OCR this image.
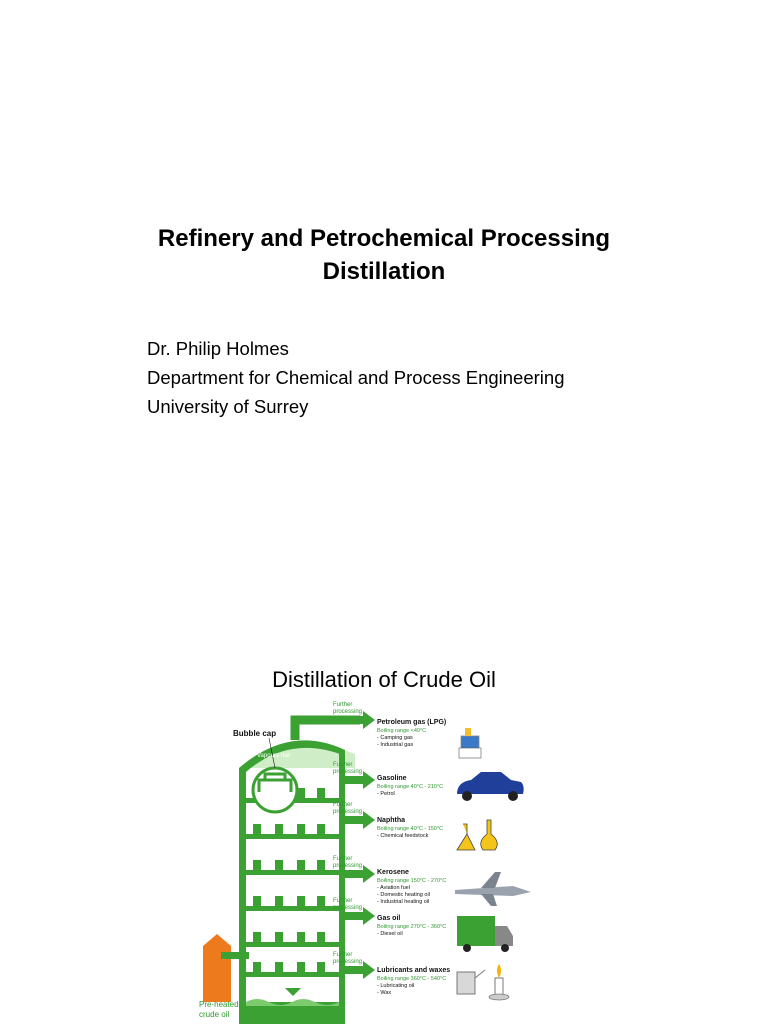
Refinery and Petrochemical Processing
Distillation
Dr. Philip Holmes
Department for Chemical and Process Engineering
University of Surrey
Distillation of Crude Oil
Further
processing
Further
processing
Further
processing
Further
processing
Further
processing
Further
processing
Bubble cap
Vapours rise
Liquids fall
Pre-heated
crude oil
Petroleum gas (LPG)
Boiling range <40°C
- Camping gas
- Industrial gas
Gasoline
Boiling range 40°C - 210°C
- Petrol
Naphtha
Boiling range 40°C - 150°C
- Chemical feedstock
Kerosene
Boiling range 150°C - 270°C
- Aviation fuel
- Domestic heating oil
- Industrial heating oil
Gas oil
Boiling range 270°C - 360°C
- Diesel oil
Lubricants and waxes
Boiling range 360°C - 540°C
- Lubricating oil
- Wax
